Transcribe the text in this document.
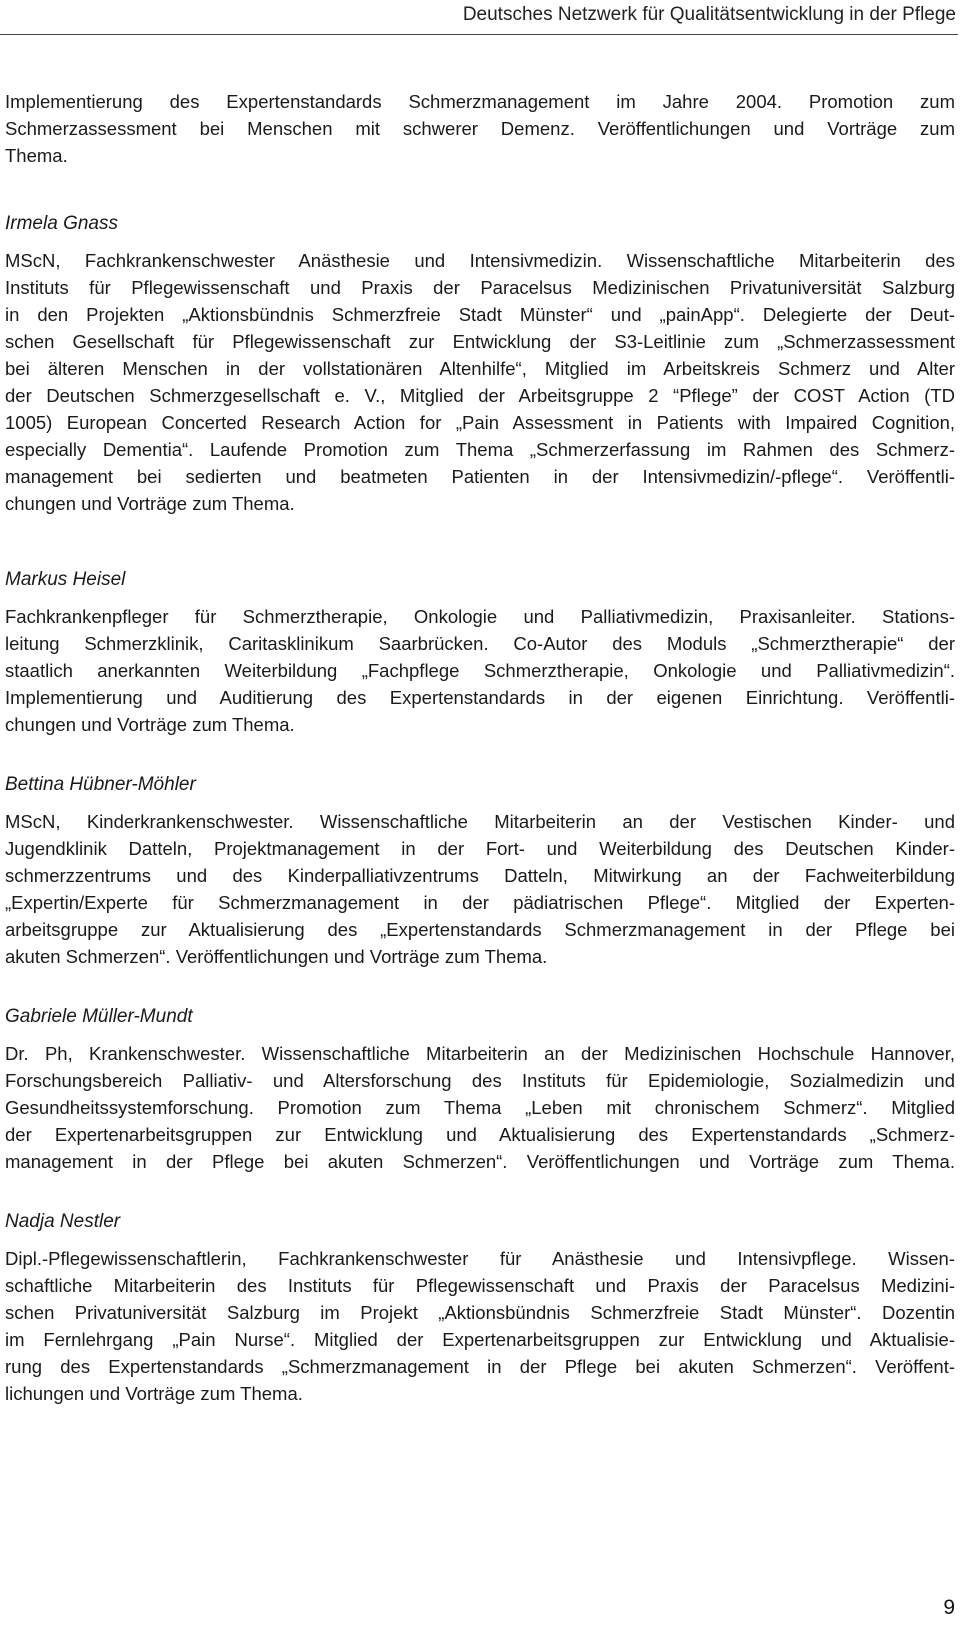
Deutsches Netzwerk für Qualitätsentwicklung in der Pflege
Implementierung des Expertenstandards Schmerzmanagement im Jahre 2004. Promotion zum
Schmerzassessment bei Menschen mit schwerer Demenz. Veröffentlichungen und Vorträge zum
Thema.
Irmela Gnass
MScN, Fachkrankenschwester Anästhesie und Intensivmedizin. Wissenschaftliche Mitarbeiterin des
Instituts für Pflegewissenschaft und Praxis der Paracelsus Medizinischen Privatuniversität Salzburg
in den Projekten „Aktionsbündnis Schmerzfreie Stadt Münster“ und „painApp“. Delegierte der Deut-
schen Gesellschaft für Pflegewissenschaft zur Entwicklung der S3-Leitlinie zum „Schmerzassessment
bei älteren Menschen in der vollstationären Altenhilfe“, Mitglied im Arbeitskreis Schmerz und Alter
der Deutschen Schmerzgesellschaft e. V., Mitglied der Arbeitsgruppe 2 “Pflege” der COST Action (TD
1005) European Concerted Research Action for „Pain Assessment in Patients with Impaired Cognition,
especially Dementia“. Laufende Promotion zum Thema „Schmerzerfassung im Rahmen des Schmerz-
management bei sedierten und beatmeten Patienten in der Intensivmedizin/-pflege“. Veröffentli-
chungen und Vorträge zum Thema.
Markus Heisel
Fachkrankenpfleger für Schmerztherapie, Onkologie und Palliativmedizin, Praxisanleiter. Stations-
leitung Schmerzklinik, Caritasklinikum Saarbrücken. Co-Autor des Moduls „Schmerztherapie“ der
staatlich anerkannten Weiterbildung „Fachpflege Schmerztherapie, Onkologie und Palliativmedizin“.
Implementierung und Auditierung des Expertenstandards in der eigenen Einrichtung. Veröffentli-
chungen und Vorträge zum Thema.
Bettina Hübner-Möhler
MScN, Kinderkrankenschwester. Wissenschaftliche Mitarbeiterin an der Vestischen Kinder- und
Jugendklinik Datteln, Projektmanagement in der Fort- und Weiterbildung des Deutschen Kinder-
schmerzzentrums und des Kinderpalliativzentrums Datteln, Mitwirkung an der Fachweiterbildung
„Expertin/Experte für Schmerzmanagement in der pädiatrischen Pflege“. Mitglied der Experten-
arbeitsgruppe zur Aktualisierung des „Expertenstandards Schmerzmanagement in der Pflege bei
akuten Schmerzen“. Veröffentlichungen und Vorträge zum Thema.
Gabriele Müller-Mundt
Dr. Ph, Krankenschwester. Wissenschaftliche Mitarbeiterin an der Medizinischen Hochschule Hannover,
Forschungsbereich Palliativ- und Altersforschung des Instituts für Epidemiologie, Sozialmedizin und
Gesundheitssystemforschung. Promotion zum Thema „Leben mit chronischem Schmerz“. Mitglied
der Expertenarbeitsgruppen zur Entwicklung und Aktualisierung des Expertenstandards „Schmerz-
management in der Pflege bei akuten Schmerzen“. Veröffentlichungen und Vorträge zum Thema.
Nadja Nestler
Dipl.-Pflegewissenschaftlerin, Fachkrankenschwester für Anästhesie und Intensivpflege. Wissen-
schaftliche Mitarbeiterin des Instituts für Pflegewissenschaft und Praxis der Paracelsus Medizini-
schen Privatuniversität Salzburg im Projekt „Aktionsbündnis Schmerzfreie Stadt Münster“. Dozentin
im Fernlehrgang „Pain Nurse“. Mitglied der Expertenarbeitsgruppen zur Entwicklung und Aktualisie-
rung des Expertenstandards „Schmerzmanagement in der Pflege bei akuten Schmerzen“. Veröffent-
lichungen und Vorträge zum Thema.
9
